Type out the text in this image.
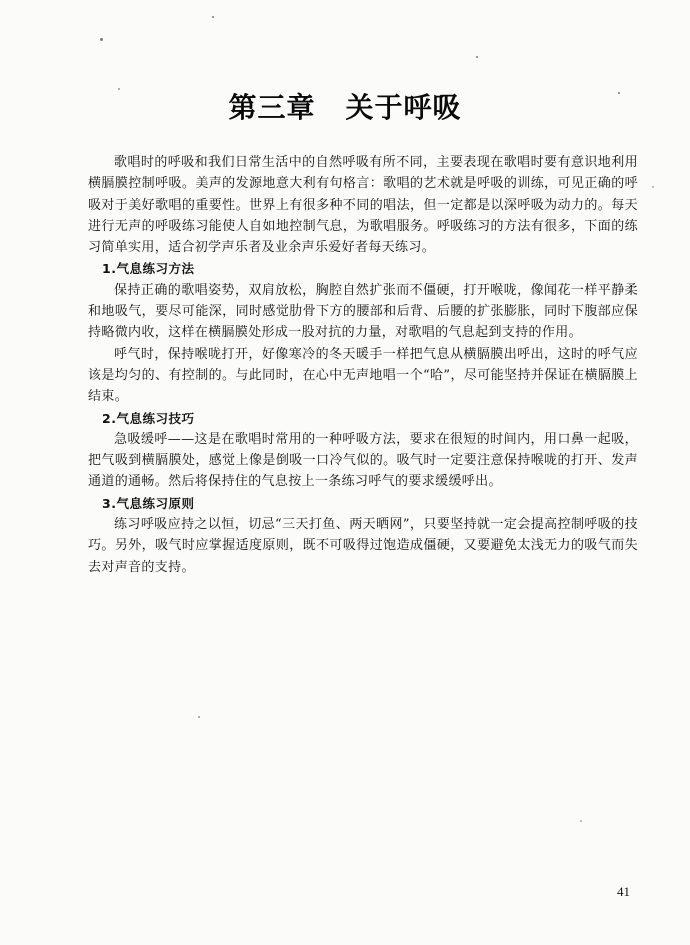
第三章 关于呼吸

歌唱时的呼吸和我们日常生活中的自然呼吸有所不同，主要表现在歌唱时要有意识地利用横膈膜控制呼吸。美声的发源地意大利有句格言：歌唱的艺术就是呼吸的训练，可见正确的呼吸对于美好歌唱的重要性。世界上有很多种不同的唱法，但一定都是以深呼吸为动力的。每天进行无声的呼吸练习能使人自如地控制气息，为歌唱服务。呼吸练习的方法有很多，下面的练习简单实用，适合初学声乐者及业余声乐爱好者每天练习。

1.气息练习方法

保持正确的歌唱姿势，双肩放松，胸腔自然扩张而不僵硬，打开喉咙，像闻花一样平静柔和地吸气，要尽可能深，同时感觉肋骨下方的腰部和后背、后腰的扩张膨胀，同时下腹部应保持略微内收，这样在横膈膜处形成一股对抗的力量，对歌唱的气息起到支持的作用。

呼气时，保持喉咙打开，好像寒冷的冬天暖手一样把气息从横膈膜出呼出，这时的呼气应该是均匀的、有控制的。与此同时，在心中无声地唱一个“哈”，尽可能坚持并保证在横膈膜上结束。

2.气息练习技巧

急吸缓呼——这是在歌唱时常用的一种呼吸方法，要求在很短的时间内，用口鼻一起吸，把气吸到横膈膜处，感觉上像是倒吸一口冷气似的。吸气时一定要注意保持喉咙的打开、发声通道的通畅。然后将保持住的气息按上一条练习呼气的要求缓缓呼出。

3.气息练习原则

练习呼吸应持之以恒，切忌“三天打鱼、两天晒网”，只要坚持就一定会提高控制呼吸的技巧。另外，吸气时应掌握适度原则，既不可吸得过饱造成僵硬，又要避免太浅无力的吸气而失去对声音的支持。

41
